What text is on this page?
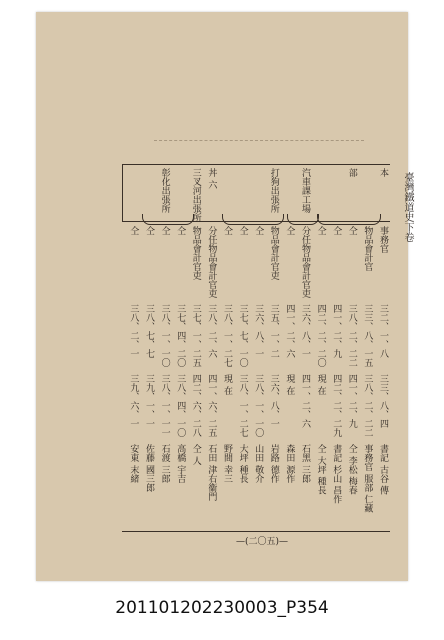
臺灣鐵道史下卷
本
事務官
三二、一、八
三三、八、四
書記 古谷 傳
物品會計官
三三、八、一五
三八、二、二二
事務官 服部 仁藏
部
仝
三八、二、二二
四一、二、九
仝 李松 梅春
仝
四一、二、九
四二、二、二九
書記 杉山 昌作
仝
四二、二、二〇
現 在
仝 大坪 種長
汽車課工場
分任物品會計官吏
三六、八、一
四一、二、六
石黑 三郎
仝
四一、二、六
現 在
森田 源作
打狗出張所
物品會計官吏
三五、一、二
三六、八、一
岩路 德作
仝
三六、八、一
三八、一、一〇
山田 敬介
仝
三七、七、一〇
三八、一、二七
大坪 種長
仝
三八、一、二七
現 在
野間 幸三
丼 六
分任物品會計官吏
三八、二、六
四一、六、二五
石田 津右衞門
三叉河出張所
物品會計官吏
三七、一、二五
四二、六、二八
仝 人
仝
三七、四、二〇
三八、四、一〇
高橋 宇吉
彰化出張所
仝
三八、一、一〇
三八、一、一一
石渡 三郎
仝
三八、七、七
三九、一、一
佐藤 國三郎
仝
三八、二、一
三九、六、一
安東 末緒
—(二〇五)—
201101202230003_P354
